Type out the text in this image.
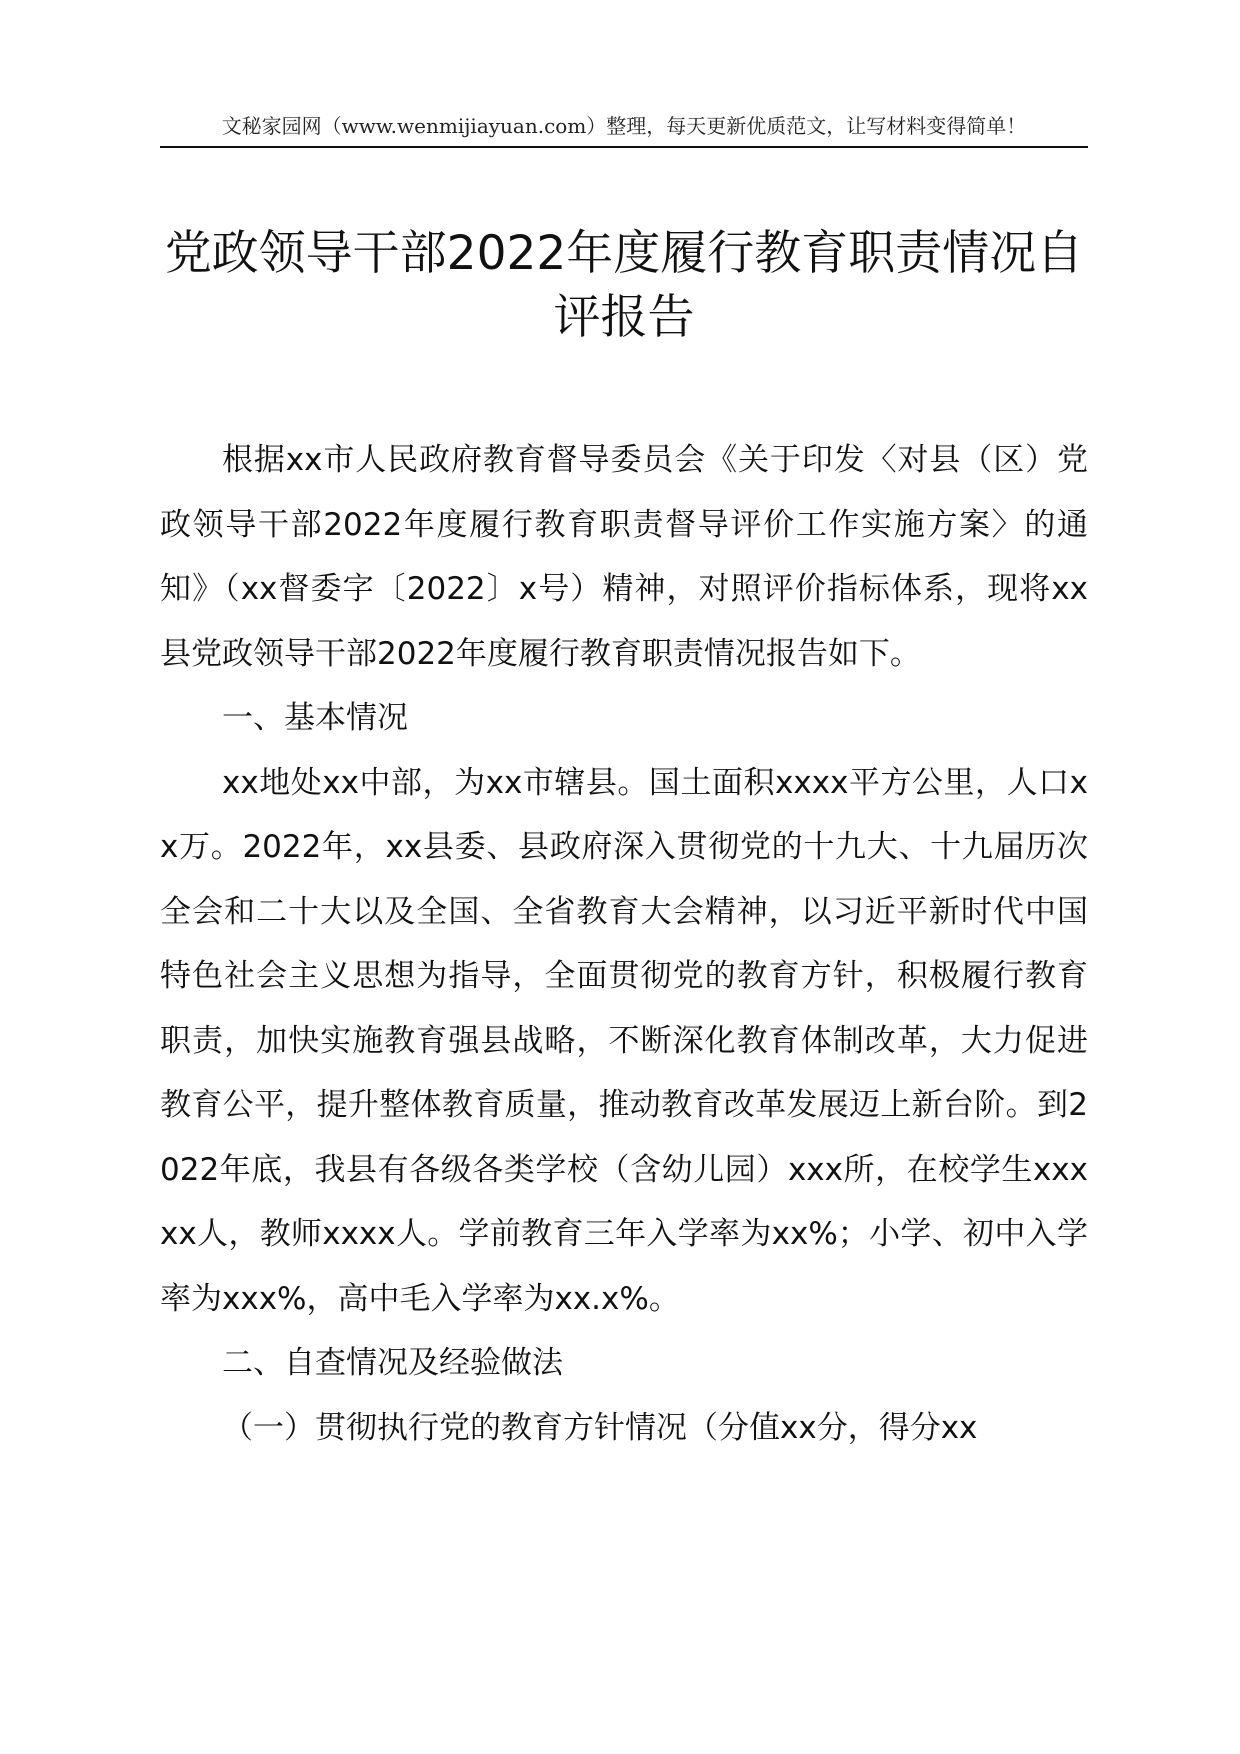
文秘家园网（www.wenmijiayuan.com）整理，每天更新优质范文，让写材料变得简单！
党政领导干部2022年度履行教育职责情况自评报告

根据xx市人民政府教育督导委员会《关于印发〈对县（区）党政领导干部2022年度履行教育职责督导评价工作实施方案〉的通知》（xx督委字〔2022〕x号）精神，对照评价指标体系，现将xx县党政领导干部2022年度履行教育职责情况报告如下。

一、基本情况

xx地处xx中部，为xx市辖县。国土面积xxxx平方公里，人口xx万。2022年，xx县委、县政府深入贯彻党的十九大、十九届历次全会和二十大以及全国、全省教育大会精神，以习近平新时代中国特色社会主义思想为指导，全面贯彻党的教育方针，积极履行教育职责，加快实施教育强县战略，不断深化教育体制改革，大力促进教育公平，提升整体教育质量，推动教育改革发展迈上新台阶。到2022年底，我县有各级各类学校（含幼儿园）xxx所，在校学生xxxxx人，教师xxxx人。学前教育三年入学率为xx%；小学、初中入学率为xxx%，高中毛入学率为xx.x%。

二、自查情况及经验做法

（一）贯彻执行党的教育方针情况（分值xx分，得分xx
